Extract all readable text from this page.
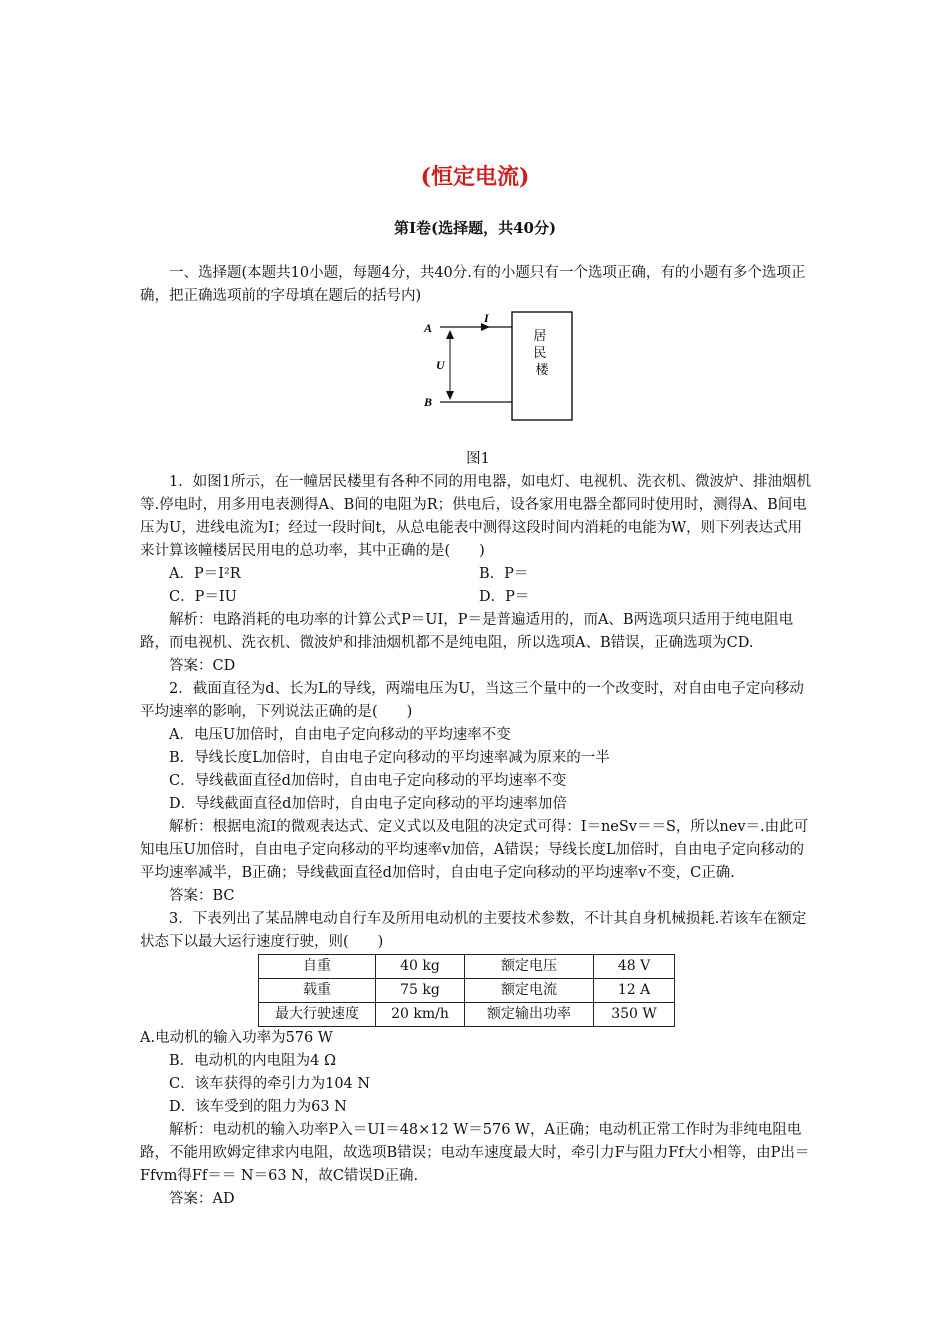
(恒定电流)
第Ⅰ卷(选择题，共40分)

一、选择题(本题共10小题，每题4分，共40分.有的小题只有一个选项正确，有的小题有多个选项正确，把正确选项前的字母填在题后的括号内)

A
B
I
U
居 民 楼
图1

1．如图1所示，在一幢居民楼里有各种不同的用电器，如电灯、电视机、洗衣机、微波炉、排油烟机等.停电时，用多用电表测得A、B间的电阻为R；供电后，设各家用电器全都同时使用时，测得A、B间电压为U，进线电流为I；经过一段时间t，从总电能表中测得这段时间内消耗的电能为W，则下列表达式用来计算该幢楼居民用电的总功率，其中正确的是(　　)

A．P＝I²R	B．P＝
C．P＝IU	D．P＝

解析：电路消耗的电功率的计算公式P＝UI，P＝是普遍适用的，而A、B两选项只适用于纯电阻电路，而电视机、洗衣机、微波炉和排油烟机都不是纯电阻，所以选项A、B错误，正确选项为CD.

答案：CD

2．截面直径为d、长为L的导线，两端电压为U，当这三个量中的一个改变时，对自由电子定向移动平均速率的影响，下列说法正确的是(　　)

A．电压U加倍时，自由电子定向移动的平均速率不变

B．导线长度L加倍时，自由电子定向移动的平均速率减为原来的一半

C．导线截面直径d加倍时，自由电子定向移动的平均速率不变

D．导线截面直径d加倍时，自由电子定向移动的平均速率加倍

解析：根据电流I的微观表达式、定义式以及电阻的决定式可得：I＝neSv＝＝S，所以nev＝.由此可知电压U加倍时，自由电子定向移动的平均速率v加倍，A错误；导线长度L加倍时，自由电子定向移动的平均速率减半，B正确；导线截面直径d加倍时，自由电子定向移动的平均速率v不变，C正确.

答案：BC

3．下表列出了某品牌电动自行车及所用电动机的主要技术参数，不计其自身机械损耗.若该车在额定状态下以最大运行速度行驶，则(　　)

自重	40 kg	额定电压	48 V
载重	75 kg	额定电流	12 A
最大行驶速度	20 km/h	额定输出功率	350 W

A.电动机的输入功率为576 W

B．电动机的内电阻为4 Ω

C．该车获得的牵引力为104 N

D．该车受到的阻力为63 N

解析：电动机的输入功率P入＝UI＝48×12 W＝576 W，A正确；电动机正常工作时为非纯电阻电路，不能用欧姆定律求内电阻，故选项B错误；电动车速度最大时，牵引力F与阻力Ff大小相等，由P出＝Ffvm得Ff＝＝ N＝63 N，故C错误D正确.

答案：AD
